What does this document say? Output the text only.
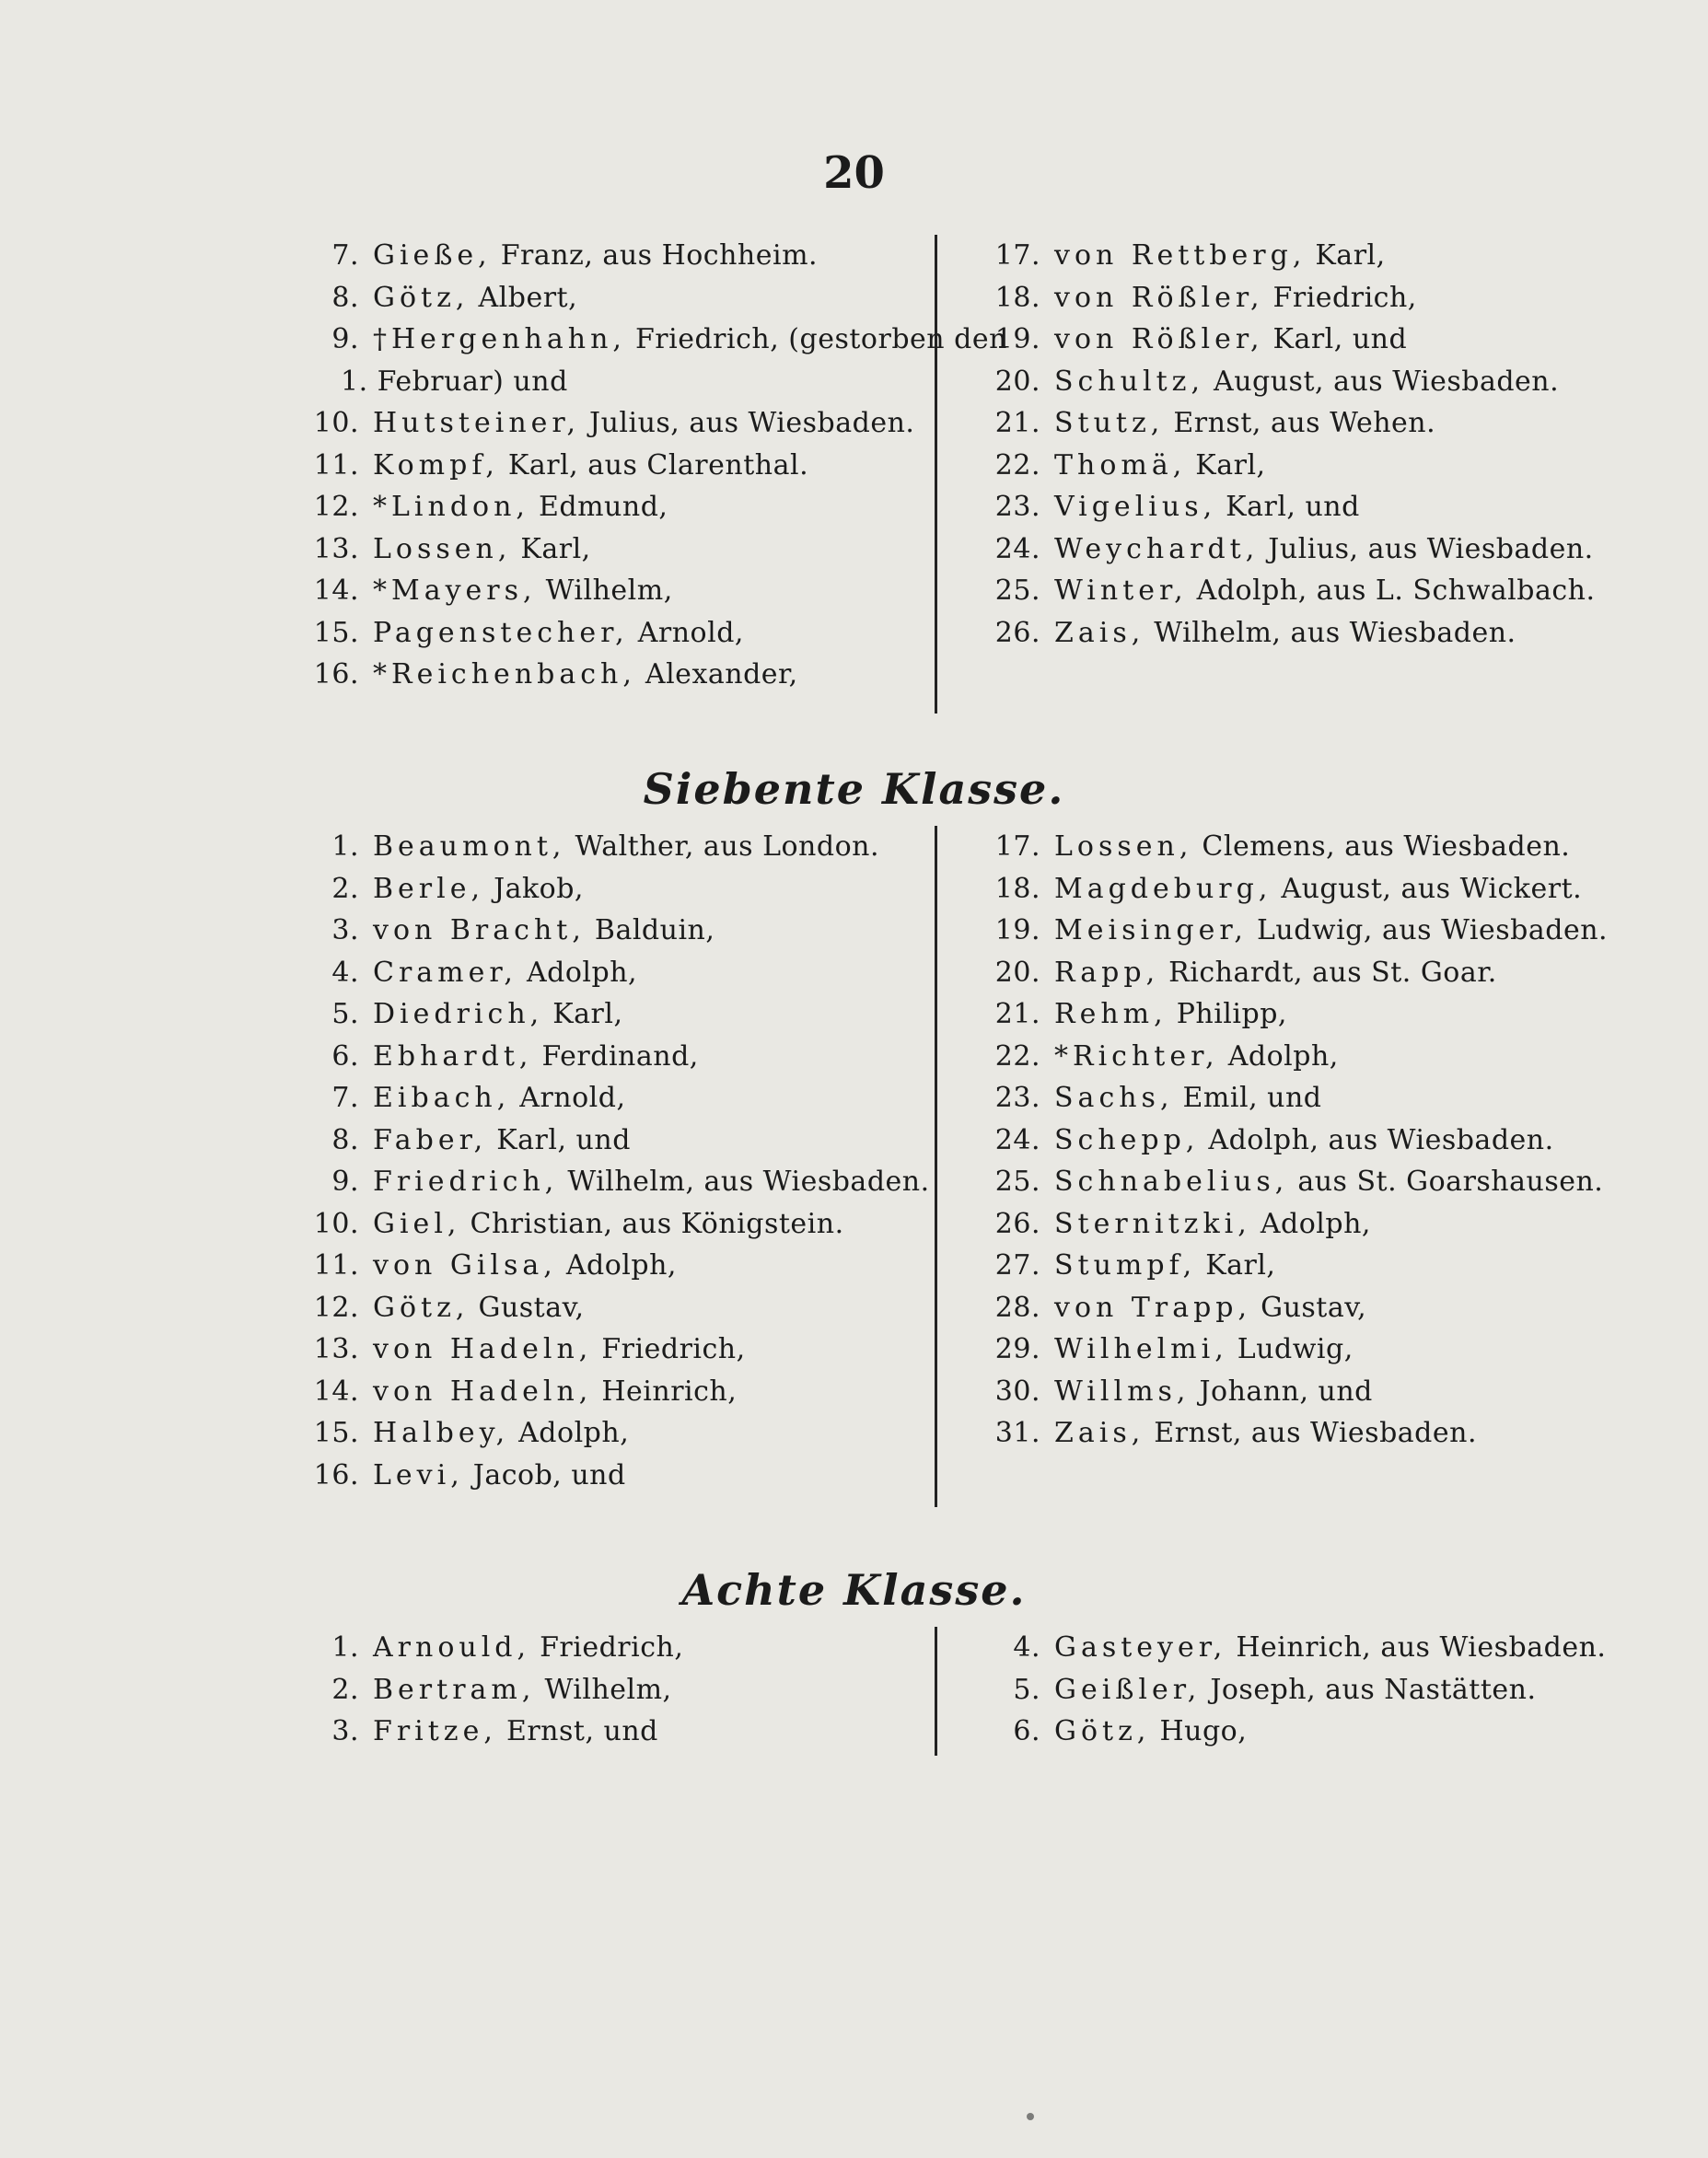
20
7. Gieße, Franz, aus Hochheim.
8. Götz, Albert,
9. †Hergenhahn, Friedrich, (gestorben den
1. Februar) und
10. Hutsteiner, Julius, aus Wiesbaden.
11. Kompf, Karl, aus Clarenthal.
12. *Lindon, Edmund,
13. Lossen, Karl,
14. *Mayers, Wilhelm,
15. Pagenstecher, Arnold,
16. *Reichenbach, Alexander,
17. von Rettberg, Karl,
18. von Rößler, Friedrich,
19. von Rößler, Karl, und
20. Schultz, August, aus Wiesbaden.
21. Stutz, Ernst, aus Wehen.
22. Thomä, Karl,
23. Vigelius, Karl, und
24. Weychardt, Julius, aus Wiesbaden.
25. Winter, Adolph, aus L. Schwalbach.
26. Zais, Wilhelm, aus Wiesbaden.
Siebente Klasse.
1. Beaumont, Walther, aus London.
2. Berle, Jakob,
3. von Bracht, Balduin,
4. Cramer, Adolph,
5. Diedrich, Karl,
6. Ebhardt, Ferdinand,
7. Eibach, Arnold,
8. Faber, Karl, und
9. Friedrich, Wilhelm, aus Wiesbaden.
10. Giel, Christian, aus Königstein.
11. von Gilsa, Adolph,
12. Götz, Gustav,
13. von Hadeln, Friedrich,
14. von Hadeln, Heinrich,
15. Halbey, Adolph,
16. Levi, Jacob, und
17. Lossen, Clemens, aus Wiesbaden.
18. Magdeburg, August, aus Wickert.
19. Meisinger, Ludwig, aus Wiesbaden.
20. Rapp, Richardt, aus St. Goar.
21. Rehm, Philipp,
22. *Richter, Adolph,
23. Sachs, Emil, und
24. Schepp, Adolph, aus Wiesbaden.
25. Schnabelius, aus St. Goarshausen.
26. Sternitzki, Adolph,
27. Stumpf, Karl,
28. von Trapp, Gustav,
29. Wilhelmi, Ludwig,
30. Willms, Johann, und
31. Zais, Ernst, aus Wiesbaden.
Achte Klasse.
1. Arnould, Friedrich,
2. Bertram, Wilhelm,
3. Fritze, Ernst, und
4. Gasteyer, Heinrich, aus Wiesbaden.
5. Geißler, Joseph, aus Nastätten.
6. Götz, Hugo,
